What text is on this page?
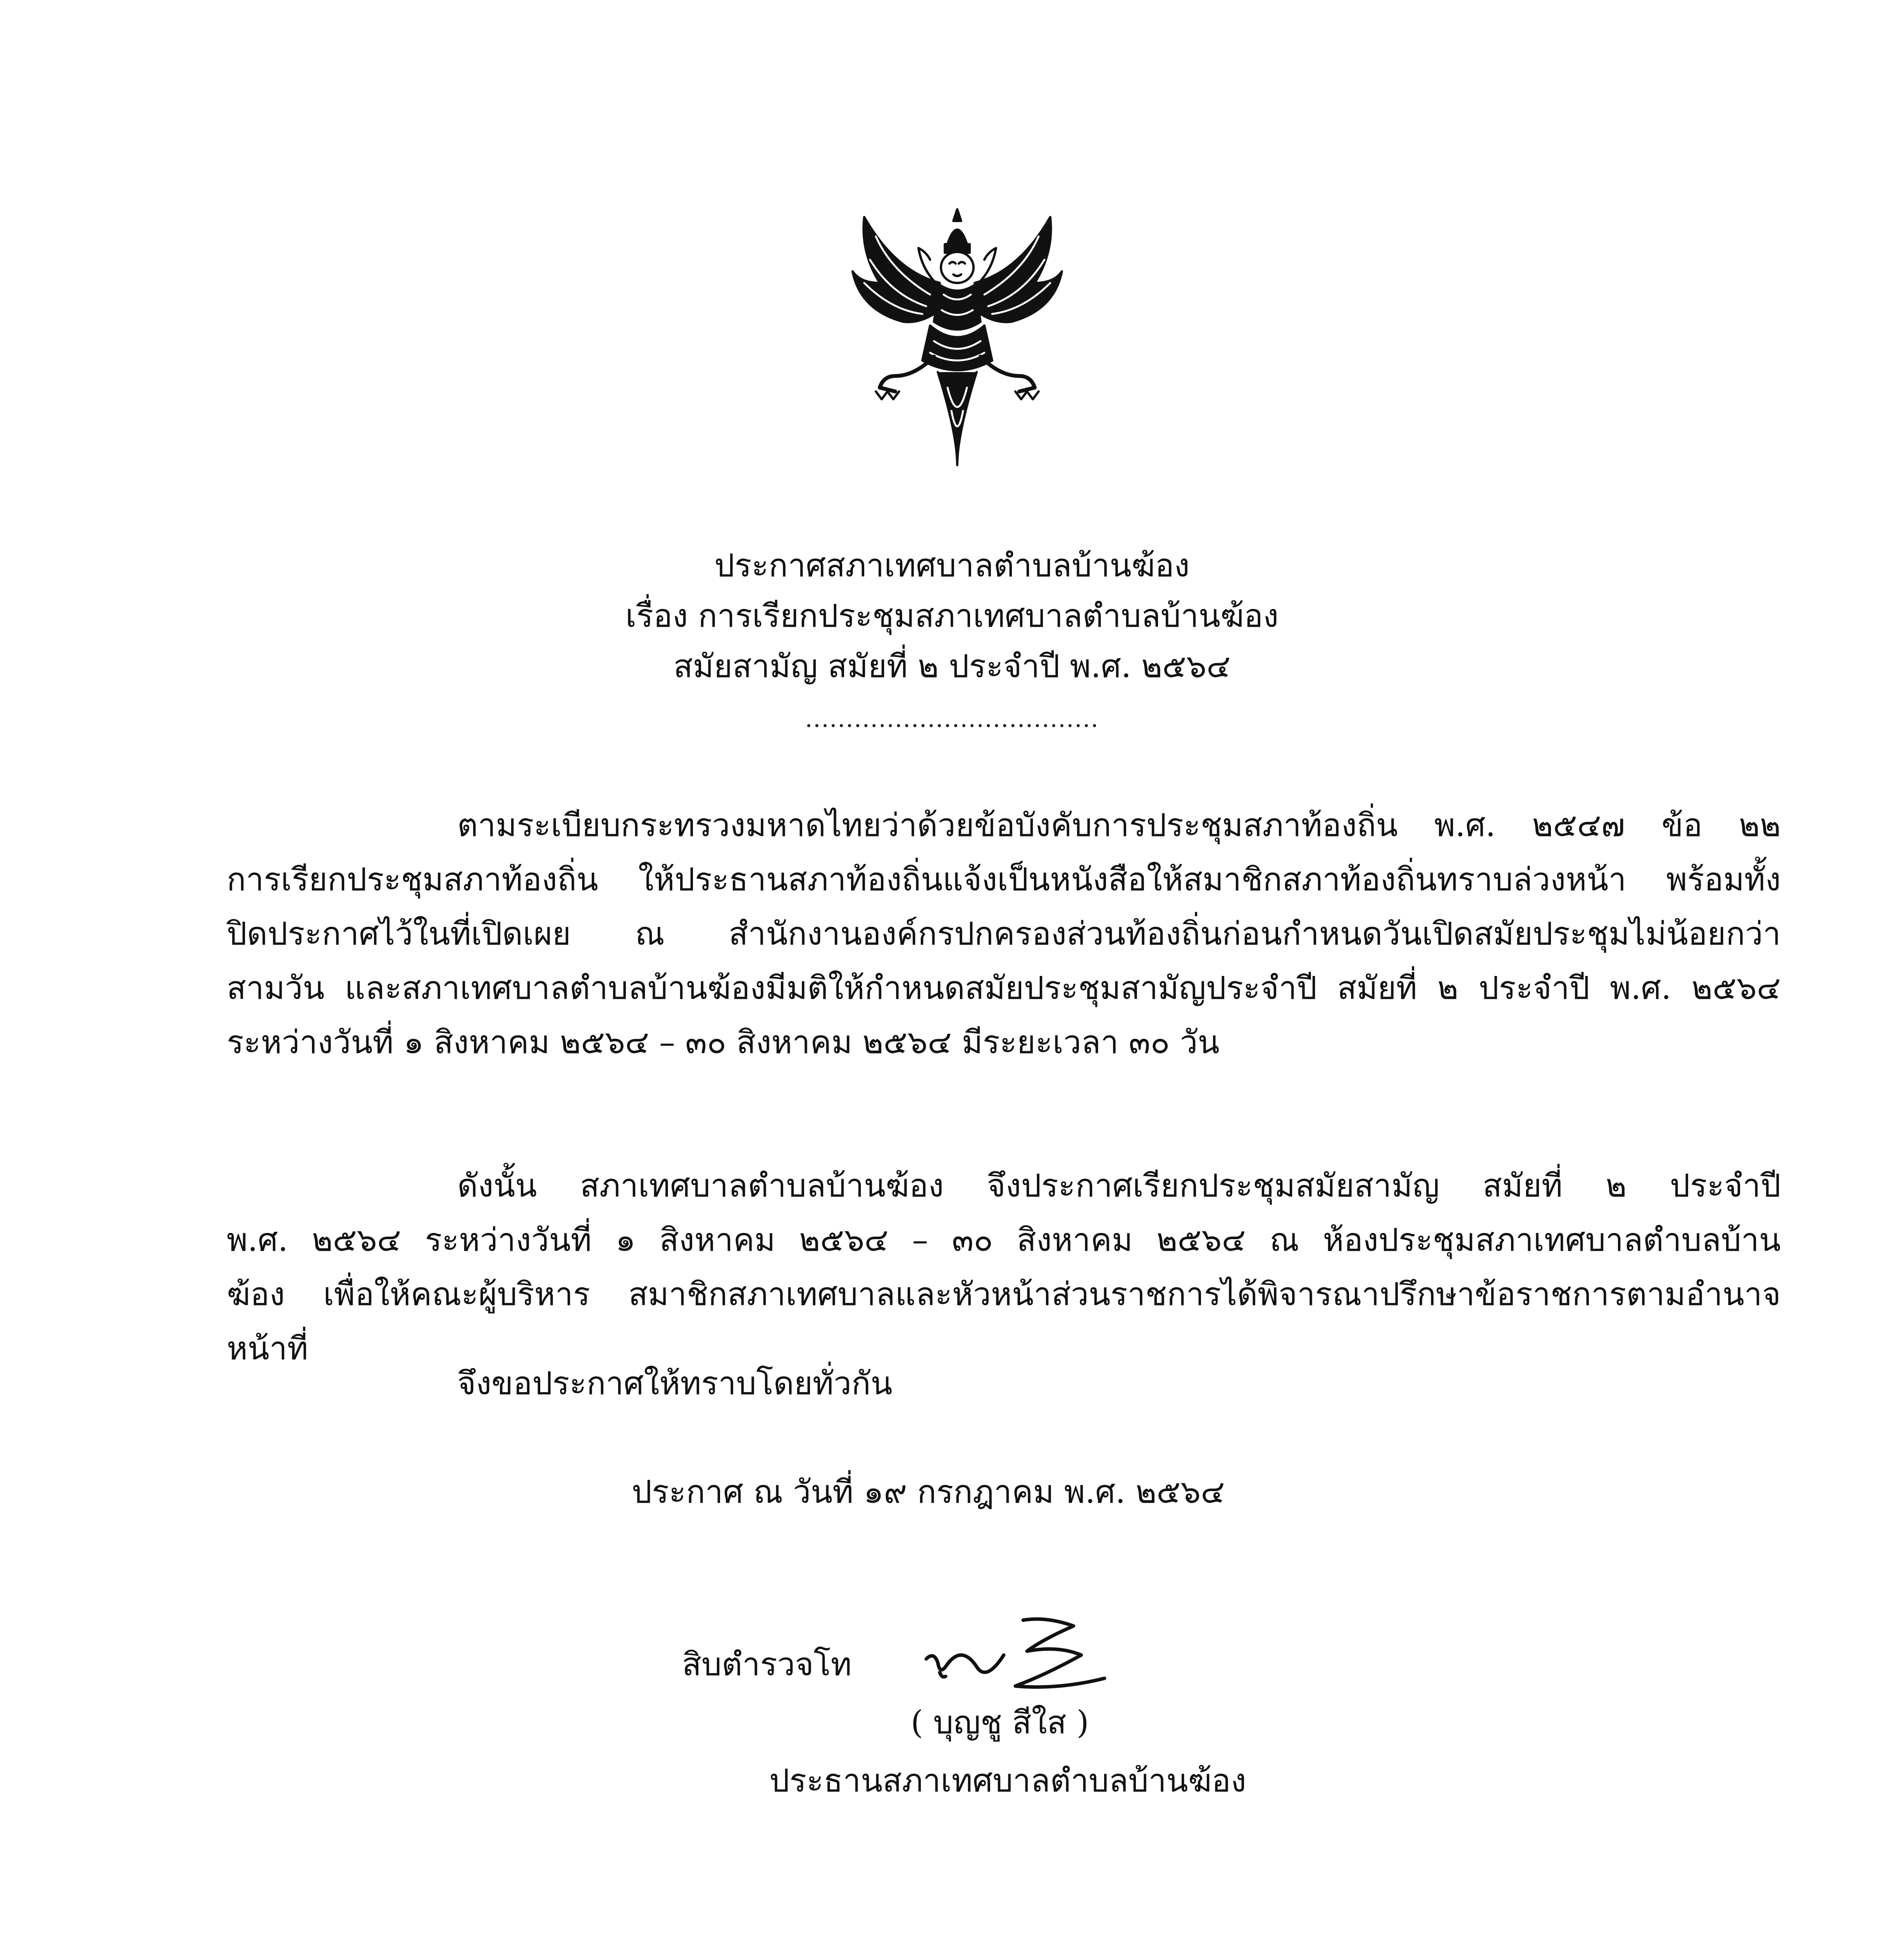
ประกาศสภาเทศบาลตำบลบ้านฆ้อง
เรื่อง การเรียกประชุมสภาเทศบาลตำบลบ้านฆ้อง
สมัยสามัญ สมัยที่ ๒ ประจำปี พ.ศ. ๒๕๖๔
....................................
ตามระเบียบกระทรวงมหาดไทยว่าด้วยข้อบังคับการประชุมสภาท้องถิ่น พ.ศ. ๒๕๔๗ ข้อ ๒๒
การเรียกประชุมสภาท้องถิ่น ให้ประธานสภาท้องถิ่นแจ้งเป็นหนังสือให้สมาชิกสภาท้องถิ่นทราบล่วงหน้า พร้อมทั้ง
ปิดประกาศไว้ในที่เปิดเผย ณ สำนักงานองค์กรปกครองส่วนท้องถิ่นก่อนกำหนดวันเปิดสมัยประชุมไม่น้อยกว่า
สามวัน และสภาเทศบาลตำบลบ้านฆ้องมีมติให้กำหนดสมัยประชุมสามัญประจำปี สมัยที่ ๒ ประจำปี พ.ศ. ๒๕๖๔
ระหว่างวันที่ ๑ สิงหาคม ๒๕๖๔ – ๓๐ สิงหาคม ๒๕๖๔ มีระยะเวลา ๓๐ วัน
ดังนั้น สภาเทศบาลตำบลบ้านฆ้อง จึงประกาศเรียกประชุมสมัยสามัญ สมัยที่ ๒ ประจำปี
พ.ศ. ๒๕๖๔ ระหว่างวันที่ ๑ สิงหาคม ๒๕๖๔ – ๓๐ สิงหาคม ๒๕๖๔ ณ ห้องประชุมสภาเทศบาลตำบลบ้าน
ฆ้อง เพื่อให้คณะผู้บริหาร สมาชิกสภาเทศบาลและหัวหน้าส่วนราชการได้พิจารณาปรึกษาข้อราชการตามอำนาจ
หน้าที่
จึงขอประกาศให้ทราบโดยทั่วกัน
ประกาศ ณ วันที่ ๑๙ กรกฎาคม พ.ศ. ๒๕๖๔
สิบตำรวจโท
( บุญชู สีใส )
ประธานสภาเทศบาลตำบลบ้านฆ้อง
